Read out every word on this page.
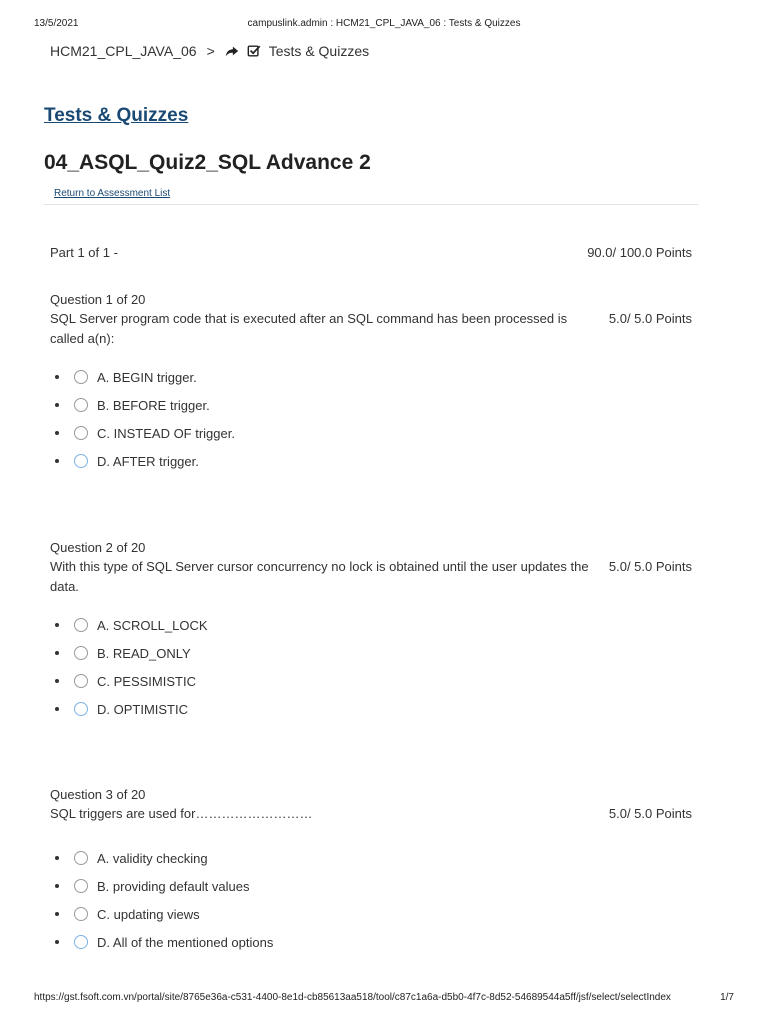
13/5/2021	campuslink.admin : HCM21_CPL_JAVA_06 : Tests & Quizzes
HCM21_CPL_JAVA_06 >	Tests & Quizzes
Tests & Quizzes
04_ASQL_Quiz2_SQL Advance 2
Return to Assessment List
Part 1 of 1 -	90.0/ 100.0 Points
Question 1 of 20
SQL Server program code that is executed after an SQL command has been processed is called a(n):
5.0/ 5.0 Points
A. BEGIN trigger.
B. BEFORE trigger.
C. INSTEAD OF trigger.
D. AFTER trigger.
Question 2 of 20
With this type of SQL Server cursor concurrency no lock is obtained until the user updates the data.
5.0/ 5.0 Points
A. SCROLL_LOCK
B. READ_ONLY
C. PESSIMISTIC
D. OPTIMISTIC
Question 3 of 20
SQL triggers are used for………………………	5.0/ 5.0 Points
A. validity checking
B. providing default values
C. updating views
D. All of the mentioned options
https://gst.fsoft.com.vn/portal/site/8765e36a-c531-4400-8e1d-cb85613aa518/tool/c87c1a6a-d5b0-4f7c-8d52-54689544a5ff/jsf/select/selectIndex	1/7
